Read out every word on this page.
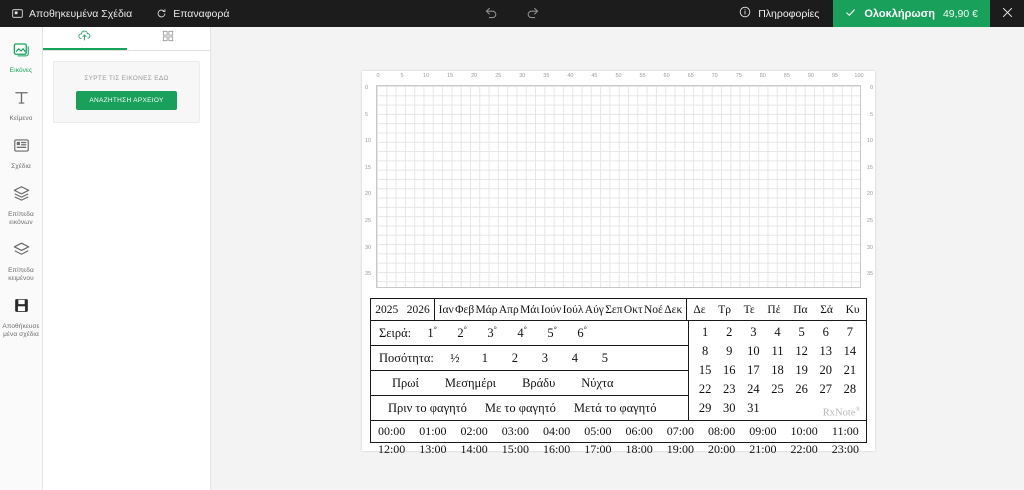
Αποθηκευμένα Σχέδια	Επαναφορά	Πληροφορίες	Ολοκλήρωση 49,90 €
Εικόνες
Κείμενο
Σχέδια
Επίπεδα εικόνων
Επίπεδα κειμένου
Αποθήκευσε μένα σχέδια
ΣΥΡΤΕ ΤΙΣ ΕΙΚΟΝΕΣ ΕΔΩ
ΑΝΑΖΗΤΗΣΗ ΑΡΧΕΙΟΥ
0	5	10	15	20	25	30	35	40	45	50	55	60	65	70	75	80	85	90	95	100
0
5
10
15
20
25
30
35
0
5
10
15
20
25
30
35
2025 2026 Ιαν Φεβ Μάρ Απρ Μάι Ιούν Ιούλ Αύγ Σεπ Οκτ Νοέ Δεκ Δε Τρ Τε Πέ Πα Σά Κυ
Σειρά:	1°	2°	3°	4°	5°	6°
Ποσότητα:	½	1	2	3	4	5
Πρωί	Μεσημέρι	Βράδυ	Νύχτα
Πριν το φαγητό	Με το φαγητό	Μετά το φαγητό
1	2	3	4	5	6	7
8	9	10	11	12	13	14
15	16	17	18	19	20	21
22	23	24	25	26	27	28
29	30	31					RxNote®
00:00	01:00	02:00	03:00	04:00	05:00	06:00	07:00	08:00	09:00	10:00	11:00
12:00	13:00	14:00	15:00	16:00	17:00	18:00	19:00	20:00	21:00	22:00	23:00
